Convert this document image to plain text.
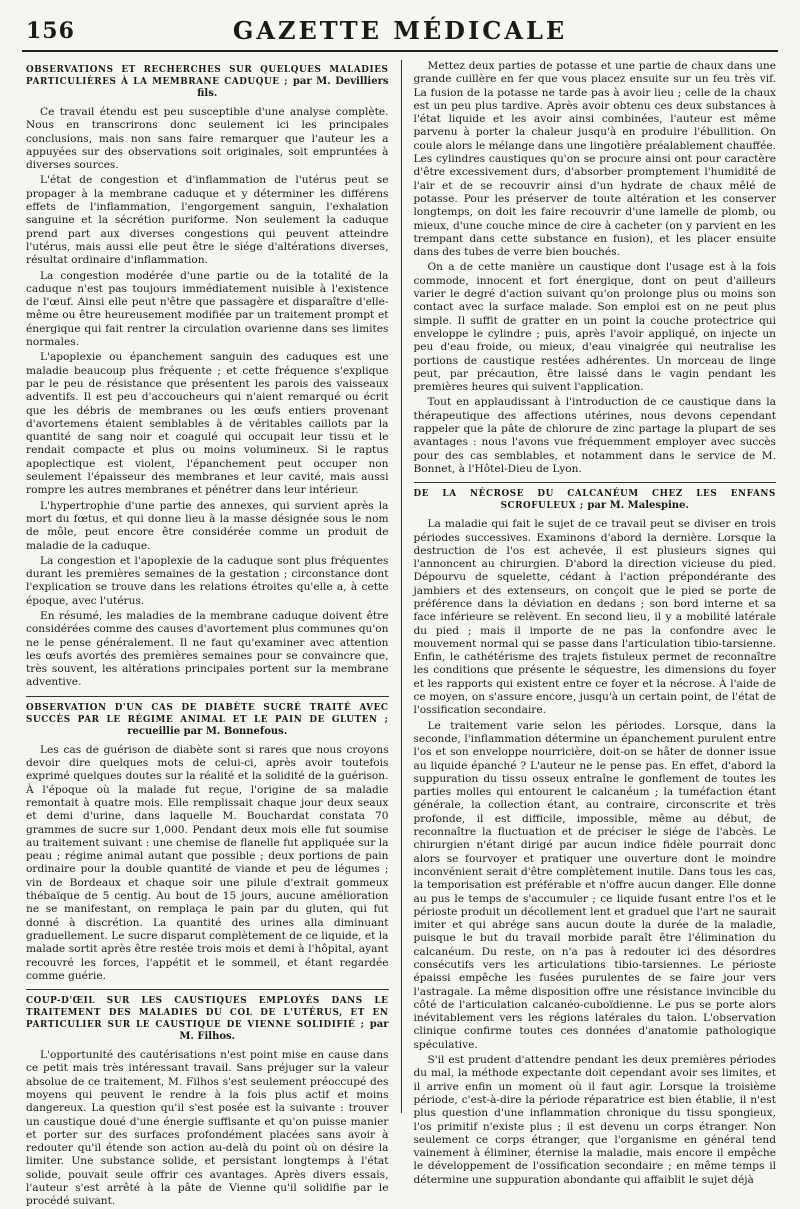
156	GAZETTE MÉDICALE
OBSERVATIONS ET RECHERCHES SUR QUELQUES MALADIES PARTICULIÈRES À LA MEMBRANE CADUQUE ; par M. Devilliers fils.

Ce travail étendu est peu susceptible d'une analyse complète. Nous en transcrirons donc seulement ici les principales conclusions, mais non sans faire remarquer que l'auteur les a appuyées sur des observations soit originales, soit empruntées à diverses sources.

L'état de congestion et d'inflammation de l'utérus peut se propager à la membrane caduque et y déterminer les différens effets de l'inflammation, l'engorgement sanguin, l'exhalation sanguine et la sécrétion puriforme. Non seulement la caduque prend part aux diverses congestions qui peuvent atteindre l'utérus, mais aussi elle peut être le siége d'altérations diverses, résultat ordinaire d'inflammation.

La congestion modérée d'une partie ou de la totalité de la caduque n'est pas toujours immédiatement nuisible à l'existence de l'œuf. Ainsi elle peut n'être que passagère et disparaître d'elle-même ou être heureusement modifiée par un traitement prompt et énergique qui fait rentrer la circulation ovarienne dans ses limites normales.

L'apoplexie ou épanchement sanguin des caduques est une maladie beaucoup plus fréquente ; et cette fréquence s'explique par le peu de résistance que présentent les parois des vaisseaux adventifs. Il est peu d'accoucheurs qui n'aient remarqué ou écrit que les débris de membranes ou les œufs entiers provenant d'avortemens étaient semblables à de véritables caillots par la quantité de sang noir et coagulé qui occupait leur tissu et le rendait compacte et plus ou moins volumineux. Si le raptus apoplectique est violent, l'épanchement peut occuper non seulement l'épaisseur des membranes et leur cavité, mais aussi rompre les autres membranes et pénétrer dans leur intérieur.

L'hypertrophie d'une partie des annexes, qui survient après la mort du fœtus, et qui donne lieu à la masse désignée sous le nom de môle, peut encore être considérée comme un produit de maladie de la caduque.

La congestion et l'apoplexie de la caduque sont plus fréquentes durant les premières semaines de la gestation ; circonstance dont l'explication se trouve dans les relations étroites qu'elle a, à cette époque, avec l'utérus.

En résumé, les maladies de la membrane caduque doivent être considérées comme des causes d'avortement plus communes qu'on ne le pense généralement. Il ne faut qu'examiner avec attention les œufs avortés des premières semaines pour se convaincre que, très souvent, les altérations principales portent sur la membrane adventive.

OBSERVATION D'UN CAS DE DIABÈTE SUCRÉ TRAITÉ AVEC SUCCÈS PAR LE RÉGIME ANIMAL ET LE PAIN DE GLUTEN ; recueillie par M. Bonnefous.

Les cas de guérison de diabète sont si rares que nous croyons devoir dire quelques mots de celui-ci, après avoir toutefois exprimé quelques doutes sur la réalité et la solidité de la guérison. À l'époque où la malade fut reçue, l'origine de sa maladie remontait à quatre mois. Elle remplissait chaque jour deux seaux et demi d'urine, dans laquelle M. Bouchardat constata 70 grammes de sucre sur 1,000. Pendant deux mois elle fut soumise au traitement suivant : une chemise de flanelle fut appliquée sur la peau ; régime animal autant que possible ; deux portions de pain ordinaire pour la double quantité de viande et peu de légumes ; vin de Bordeaux et chaque soir une pilule d'extrait gommeux thébaïque de 5 centig. Au bout de 15 jours, aucune amélioration ne se manifestant, on remplaça le pain par du gluten, qui fut donné à discrétion. La quantité des urines alla diminuant graduellement. Le sucre disparut complètement de ce liquide, et la malade sortit après être restée trois mois et demi à l'hôpital, ayant recouvré les forces, l'appétit et le sommeil, et étant regardée comme guérie.

COUP-D'ŒIL SUR LES CAUSTIQUES EMPLOYÉS DANS LE TRAITEMENT DES MALADIES DU COL DE L'UTÉRUS, ET EN PARTICULIER SUR LE CAUSTIQUE DE VIENNE SOLIDIFIÉ ; par M. Filhos.

L'opportunité des cautérisations n'est point mise en cause dans ce petit mais très intéressant travail. Sans préjuger sur la valeur absolue de ce traitement, M. Filhos s'est seulement préoccupé des moyens qui peuvent le rendre à la fois plus actif et moins dangereux. La question qu'il s'est posée est la suivante : trouver un caustique doué d'une énergie suffisante et qu'on puisse manier et porter sur des surfaces profondément placées sans avoir à redouter qu'il étende son action au-delà du point où on désire la limiter. Une substance solide, et persistant longtemps à l'état solide, pouvait seule offrir ces avantages. Après divers essais, l'auteur s'est arrêté à la pâte de Vienne qu'il solidifie par le procédé suivant.

Mettez deux parties de potasse et une partie de chaux dans une grande cuillère en fer que vous placez ensuite sur un feu très vif. La fusion de la potasse ne tarde pas à avoir lieu ; celle de la chaux est un peu plus tardive. Après avoir obtenu ces deux substances à l'état liquide et les avoir ainsi combinées, l'auteur est même parvenu à porter la chaleur jusqu'à en produire l'ébullition. On coule alors le mélange dans une lingotière préalablement chauffée. Les cylindres caustiques qu'on se procure ainsi ont pour caractère d'être excessivement durs, d'absorber promptement l'humidité de l'air et de se recouvrir ainsi d'un hydrate de chaux mêlé de potasse. Pour les préserver de toute altération et les conserver longtemps, on doit les faire recouvrir d'une lamelle de plomb, ou mieux, d'une couche mince de cire à cacheter (on y parvient en les trempant dans cette substance en fusion), et les placer ensuite dans des tubes de verre bien bouchés.

On a de cette manière un caustique dont l'usage est à la fois commode, innocent et fort énergique, dont on peut d'ailleurs varier le degré d'action suivant qu'on prolonge plus ou moins son contact avec la surface malade. Son emploi est on ne peut plus simple. Il suffit de gratter en un point la couche protectrice qui enveloppe le cylindre ; puis, après l'avoir appliqué, on injecte un peu d'eau froide, ou mieux, d'eau vinaigrée qui neutralise les portions de caustique restées adhérentes. Un morceau de linge peut, par précaution, être laissé dans le vagin pendant les premières heures qui suivent l'application.

Tout en applaudissant à l'introduction de ce caustique dans la thérapeutique des affections utérines, nous devons cependant rappeler que la pâte de chlorure de zinc partage la plupart de ses avantages : nous l'avons vue fréquemment employer avec succès pour des cas semblables, et notamment dans le service de M. Bonnet, à l'Hôtel-Dieu de Lyon.

DE LA NÉCROSE DU CALCANÉUM CHEZ LES ENFANS SCROFULEUX ; par M. Malespine.

La maladie qui fait le sujet de ce travail peut se diviser en trois périodes successives. Examinons d'abord la dernière. Lorsque la destruction de l'os est achevée, il est plusieurs signes qui l'annoncent au chirurgien. D'abord la direction vicieuse du pied. Dépourvu de squelette, cédant à l'action prépondérante des jambiers et des extenseurs, on conçoit que le pied se porte de préférence dans la déviation en dedans ; son bord interne et sa face inférieure se relèvent. En second lieu, il y a mobilité latérale du pied ; mais il importe de ne pas la confondre avec le mouvement normal qui se passe dans l'articulation tibio-tarsienne. Enfin, le cathétérisme des trajets fistuleux permet de reconnaître les conditions que présente le séquestre, les dimensions du foyer et les rapports qui existent entre ce foyer et la nécrose. À l'aide de ce moyen, on s'assure encore, jusqu'à un certain point, de l'état de l'ossification secondaire.

Le traitement varie selon les périodes. Lorsque, dans la seconde, l'inflammation détermine un épanchement purulent entre l'os et son enveloppe nourricière, doit-on se hâter de donner issue au liquide épanché ? L'auteur ne le pense pas. En effet, d'abord la suppuration du tissu osseux entraîne le gonflement de toutes les parties molles qui entourent le calcanéum ; la tuméfaction étant générale, la collection étant, au contraire, circonscrite et très profonde, il est difficile, impossible, même au début, de reconnaître la fluctuation et de préciser le siége de l'abcès. Le chirurgien n'étant dirigé par aucun indice fidèle pourrait donc alors se fourvoyer et pratiquer une ouverture dont le moindre inconvénient serait d'être complètement inutile. Dans tous les cas, la temporisation est préférable et n'offre aucun danger. Elle donne au pus le temps de s'accumuler ; ce liquide fusant entre l'os et le périoste produit un décollement lent et graduel que l'art ne saurait imiter et qui abrége sans aucun doute la durée de la maladie, puisque le but du travail morbide paraît être l'élimination du calcanéum. Du reste, on n'a pas à redouter ici des désordres consécutifs vers les articulations tibio-tarsiennes. Le périoste épaissi empêche les fusées purulentes de se faire jour vers l'astragale. La même disposition offre une résistance invincible du côté de l'articulation calcanéo-cuboïdienne. Le pus se porte alors inévitablement vers les régions latérales du talon. L'observation clinique confirme toutes ces données d'anatomie pathologique spéculative.

S'il est prudent d'attendre pendant les deux premières périodes du mal, la méthode expectante doit cependant avoir ses limites, et il arrive enfin un moment où il faut agir. Lorsque la troisième période, c'est-à-dire la période réparatrice est bien établie, il n'est plus question d'une inflammation chronique du tissu spongieux, l'os primitif n'existe plus ; il est devenu un corps étranger. Non seulement ce corps étranger, que l'organisme en général tend vainement à éliminer, éternise la maladie, mais encore il empêche le développement de l'ossification secondaire ; en même temps il détermine une suppuration abondante qui affaiblit le sujet déjà
